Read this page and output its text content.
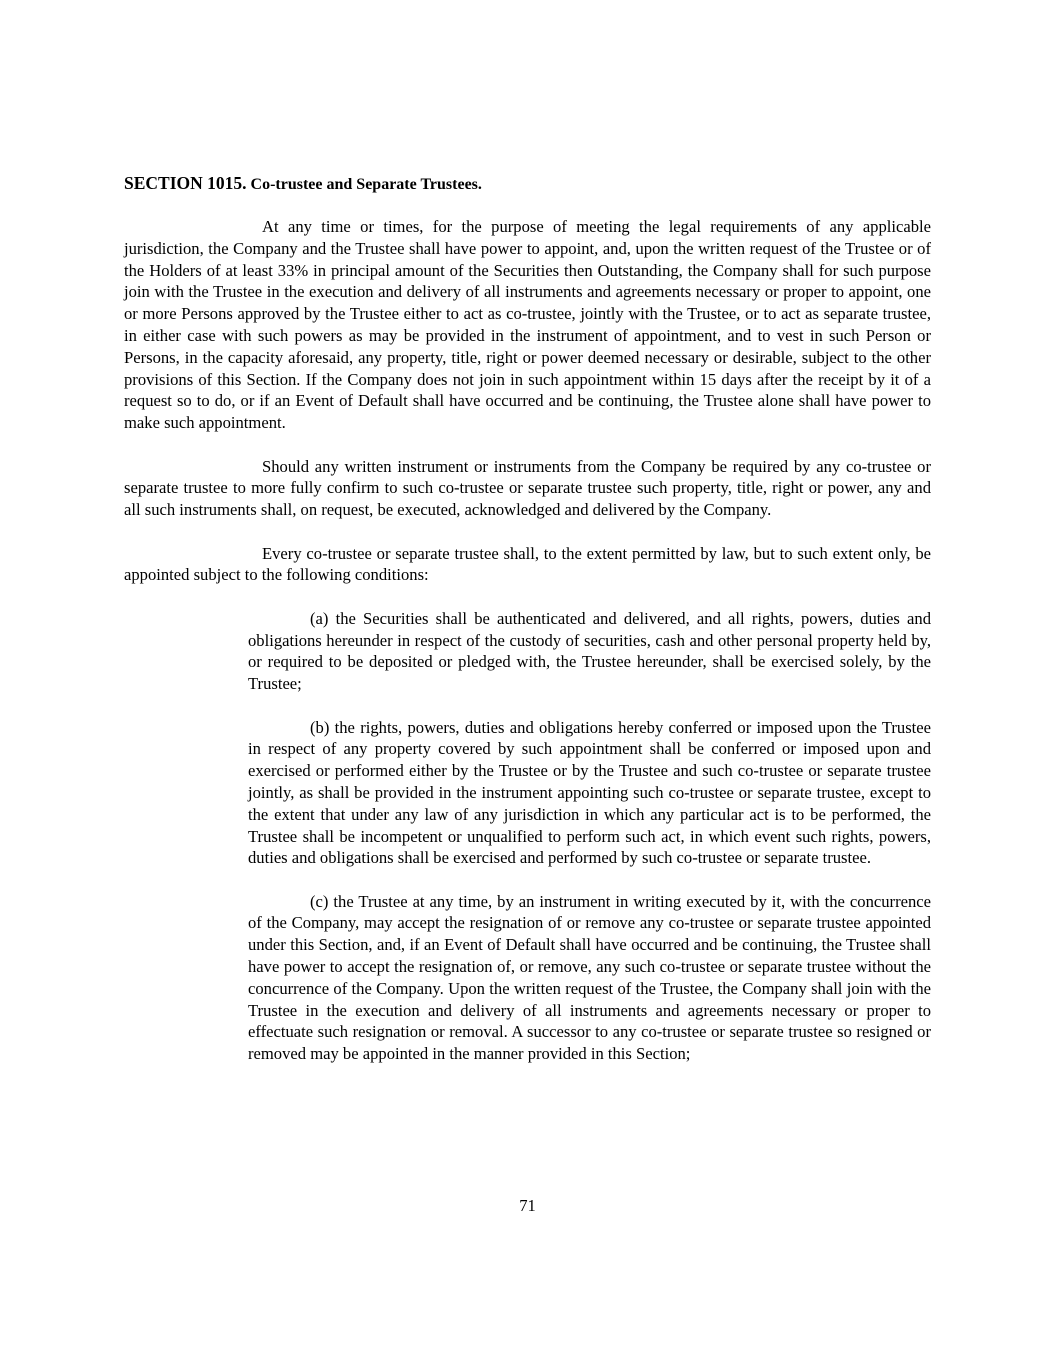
SECTION 1015. Co-trustee and Separate Trustees.

At any time or times, for the purpose of meeting the legal requirements of any applicable jurisdiction, the Company and the Trustee shall have power to appoint, and, upon the written request of the Trustee or of the Holders of at least 33% in principal amount of the Securities then Outstanding, the Company shall for such purpose join with the Trustee in the execution and delivery of all instruments and agreements necessary or proper to appoint, one or more Persons approved by the Trustee either to act as co-trustee, jointly with the Trustee, or to act as separate trustee, in either case with such powers as may be provided in the instrument of appointment, and to vest in such Person or Persons, in the capacity aforesaid, any property, title, right or power deemed necessary or desirable, subject to the other provisions of this Section. If the Company does not join in such appointment within 15 days after the receipt by it of a request so to do, or if an Event of Default shall have occurred and be continuing, the Trustee alone shall have power to make such appointment.

Should any written instrument or instruments from the Company be required by any co-trustee or separate trustee to more fully confirm to such co-trustee or separate trustee such property, title, right or power, any and all such instruments shall, on request, be executed, acknowledged and delivered by the Company.

Every co-trustee or separate trustee shall, to the extent permitted by law, but to such extent only, be appointed subject to the following conditions:

(a) the Securities shall be authenticated and delivered, and all rights, powers, duties and obligations hereunder in respect of the custody of securities, cash and other personal property held by, or required to be deposited or pledged with, the Trustee hereunder, shall be exercised solely, by the Trustee;

(b) the rights, powers, duties and obligations hereby conferred or imposed upon the Trustee in respect of any property covered by such appointment shall be conferred or imposed upon and exercised or performed either by the Trustee or by the Trustee and such co-trustee or separate trustee jointly, as shall be provided in the instrument appointing such co-trustee or separate trustee, except to the extent that under any law of any jurisdiction in which any particular act is to be performed, the Trustee shall be incompetent or unqualified to perform such act, in which event such rights, powers, duties and obligations shall be exercised and performed by such co-trustee or separate trustee.

(c) the Trustee at any time, by an instrument in writing executed by it, with the concurrence of the Company, may accept the resignation of or remove any co-trustee or separate trustee appointed under this Section, and, if an Event of Default shall have occurred and be continuing, the Trustee shall have power to accept the resignation of, or remove, any such co-trustee or separate trustee without the concurrence of the Company. Upon the written request of the Trustee, the Company shall join with the Trustee in the execution and delivery of all instruments and agreements necessary or proper to effectuate such resignation or removal. A successor to any co-trustee or separate trustee so resigned or removed may be appointed in the manner provided in this Section;

71
